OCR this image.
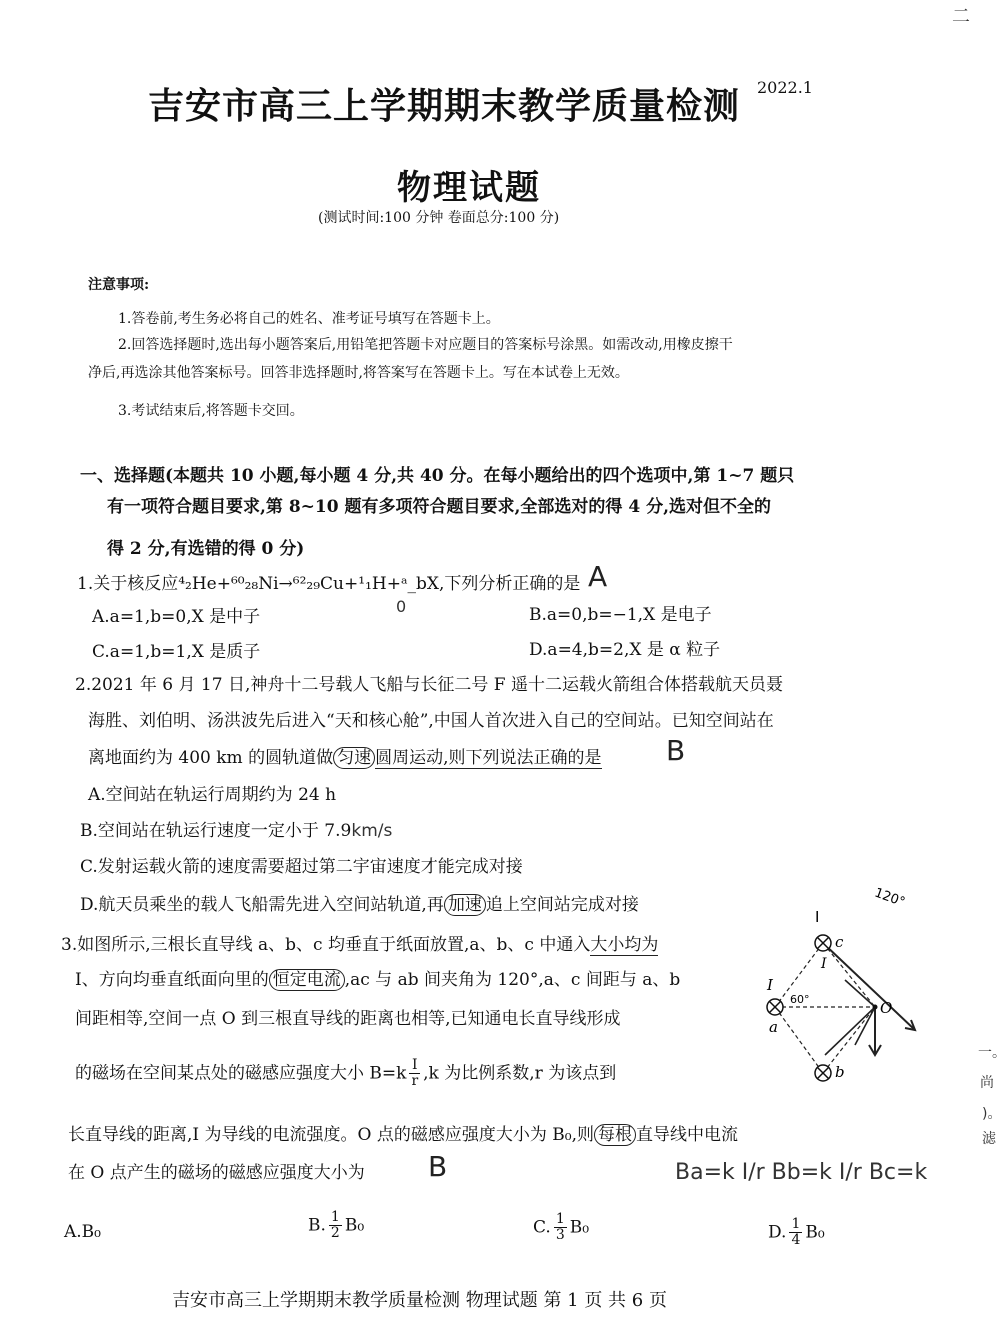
吉安市高三上学期期末教学质量检测 2022.1
物理试题
(测试时间:100 分钟 卷面总分:100 分)
注意事项:
1.答卷前,考生务必将自己的姓名、准考证号填写在答题卡上。
2.回答选择题时,选出每小题答案后,用铅笔把答题卡对应题目的答案标号涂黑。如需改动,用橡皮擦干
净后,再选涂其他答案标号。回答非选择题时,将答案写在答题卡上。写在本试卷上无效。
3.考试结束后,将答题卡交回。
一、选择题(本题共 10 小题,每小题 4 分,共 40 分。在每小题给出的四个选项中,第 1~7 题只
有一项符合题目要求,第 8~10 题有多项符合题目要求,全部选对的得 4 分,选对但不全的
得 2 分,有选错的得 0 分)
1.关于核反应⁴₂He+⁶⁰₂₈Ni→⁶²₂₉Cu+¹₁H+ᵃ_bX,下列分析正确的是 A
0
A.a=1,b=0,X 是中子	B.a=0,b=−1,X 是电子
C.a=1,b=1,X 是质子	D.a=4,b=2,X 是 α 粒子
2.2021 年 6 月 17 日,神舟十二号载人飞船与长征二号 F 遥十二运载火箭组合体搭载航天员聂
海胜、刘伯明、汤洪波先后进入“天和核心舱”,中国人首次进入自己的空间站。已知空间站在
离地面约为 400 km 的圆轨道做 匀速 圆周运动,则下列说法正确的是 B
A.空间站在轨运行周期约为 24 h
B.空间站在轨运行速度一定小于 7.9km/s
C.发射运载火箭的速度需要超过第二宇宙速度才能完成对接
D.航天员乘坐的载人飞船需先进入空间站轨道,再 加速 追上空间站完成对接
3.如图所示,三根长直导线 a、b、c 均垂直于纸面放置,a、b、c 中通入大小均为
I、方向均垂直纸面向里的 恒定电流 ,ac 与 ab 间夹角为 120°,a、c 间距与 a、b
间距相等,空间一点 O 到三根直导线的距离也相等,已知通电长直导线形成
的磁场在空间某点处的磁感应强度大小 $B=k \frac{I}{r} ,k$ 为比例系数,r 为该点到
长直导线的距离,I 为导线的电流强度。O 点的磁感应强度大小为 B₀,则 每根 直导线中电流
在 O 点产生的磁场的磁感应强度大小为 B	Ba=k I/r Bb=k I/r Bc=k
A.B₀	B. $\frac{1}{2} B_0$	C. $\frac{1}{3} B_0$	D. $\frac{1}{4} B_0$
c
a
b
O
I
I
I
60°
120°
二
一。
尚
)。
滤
吉安市高三上学期期末教学质量检测 物理试题 第 1 页 共 6 页
